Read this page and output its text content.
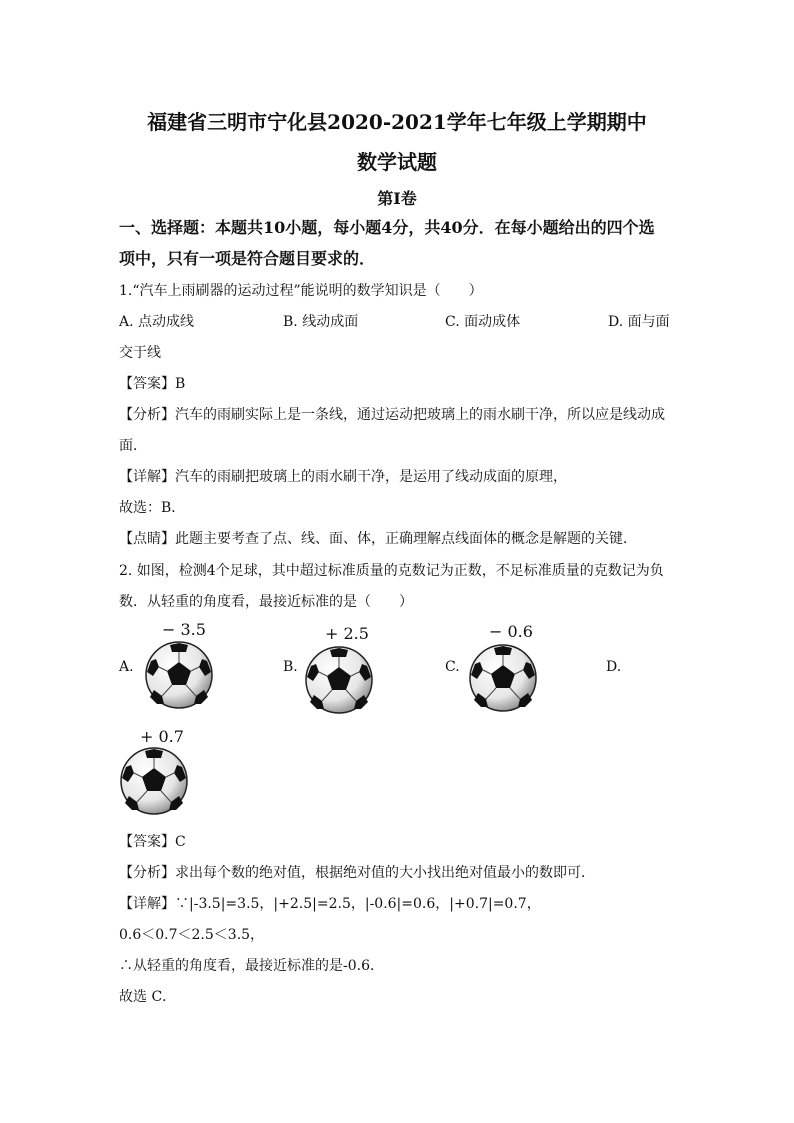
福建省三明市宁化县2020-2021学年七年级上学期期中
数学试题
第I卷
一、选择题：本题共10小题，每小题4分，共40分．在每小题给出的四个选
项中，只有一项是符合题目要求的．
1.“汽车上雨刷器的运动过程”能说明的数学知识是（　　）
A. 点动成线	B. 线动成面	C. 面动成体	D. 面与面
交于线
【答案】B
【分析】汽车的雨刷实际上是一条线，通过运动把玻璃上的雨水刷干净，所以应是线动成
面．
【详解】汽车的雨刷把玻璃上的雨水刷干净，是运用了线动成面的原理，
故选：B．
【点睛】此题主要考查了点、线、面、体，正确理解点线面体的概念是解题的关键．
2. 如图，检测4个足球，其中超过标准质量的克数记为正数，不足标准质量的克数记为负
数．从轻重的角度看，最接近标准的是（　　）
A.
− 3.5
B.
+ 2.5
C.
− 0.6
D.
+ 0.7
【答案】C
【分析】求出每个数的绝对值，根据绝对值的大小找出绝对值最小的数即可．
【详解】∵|-3.5|=3.5，|+2.5|=2.5，|-0.6|=0.6，|+0.7|=0.7，
0.6＜0.7＜2.5＜3.5，
∴从轻重的角度看，最接近标准的是-0.6．
故选 C．
